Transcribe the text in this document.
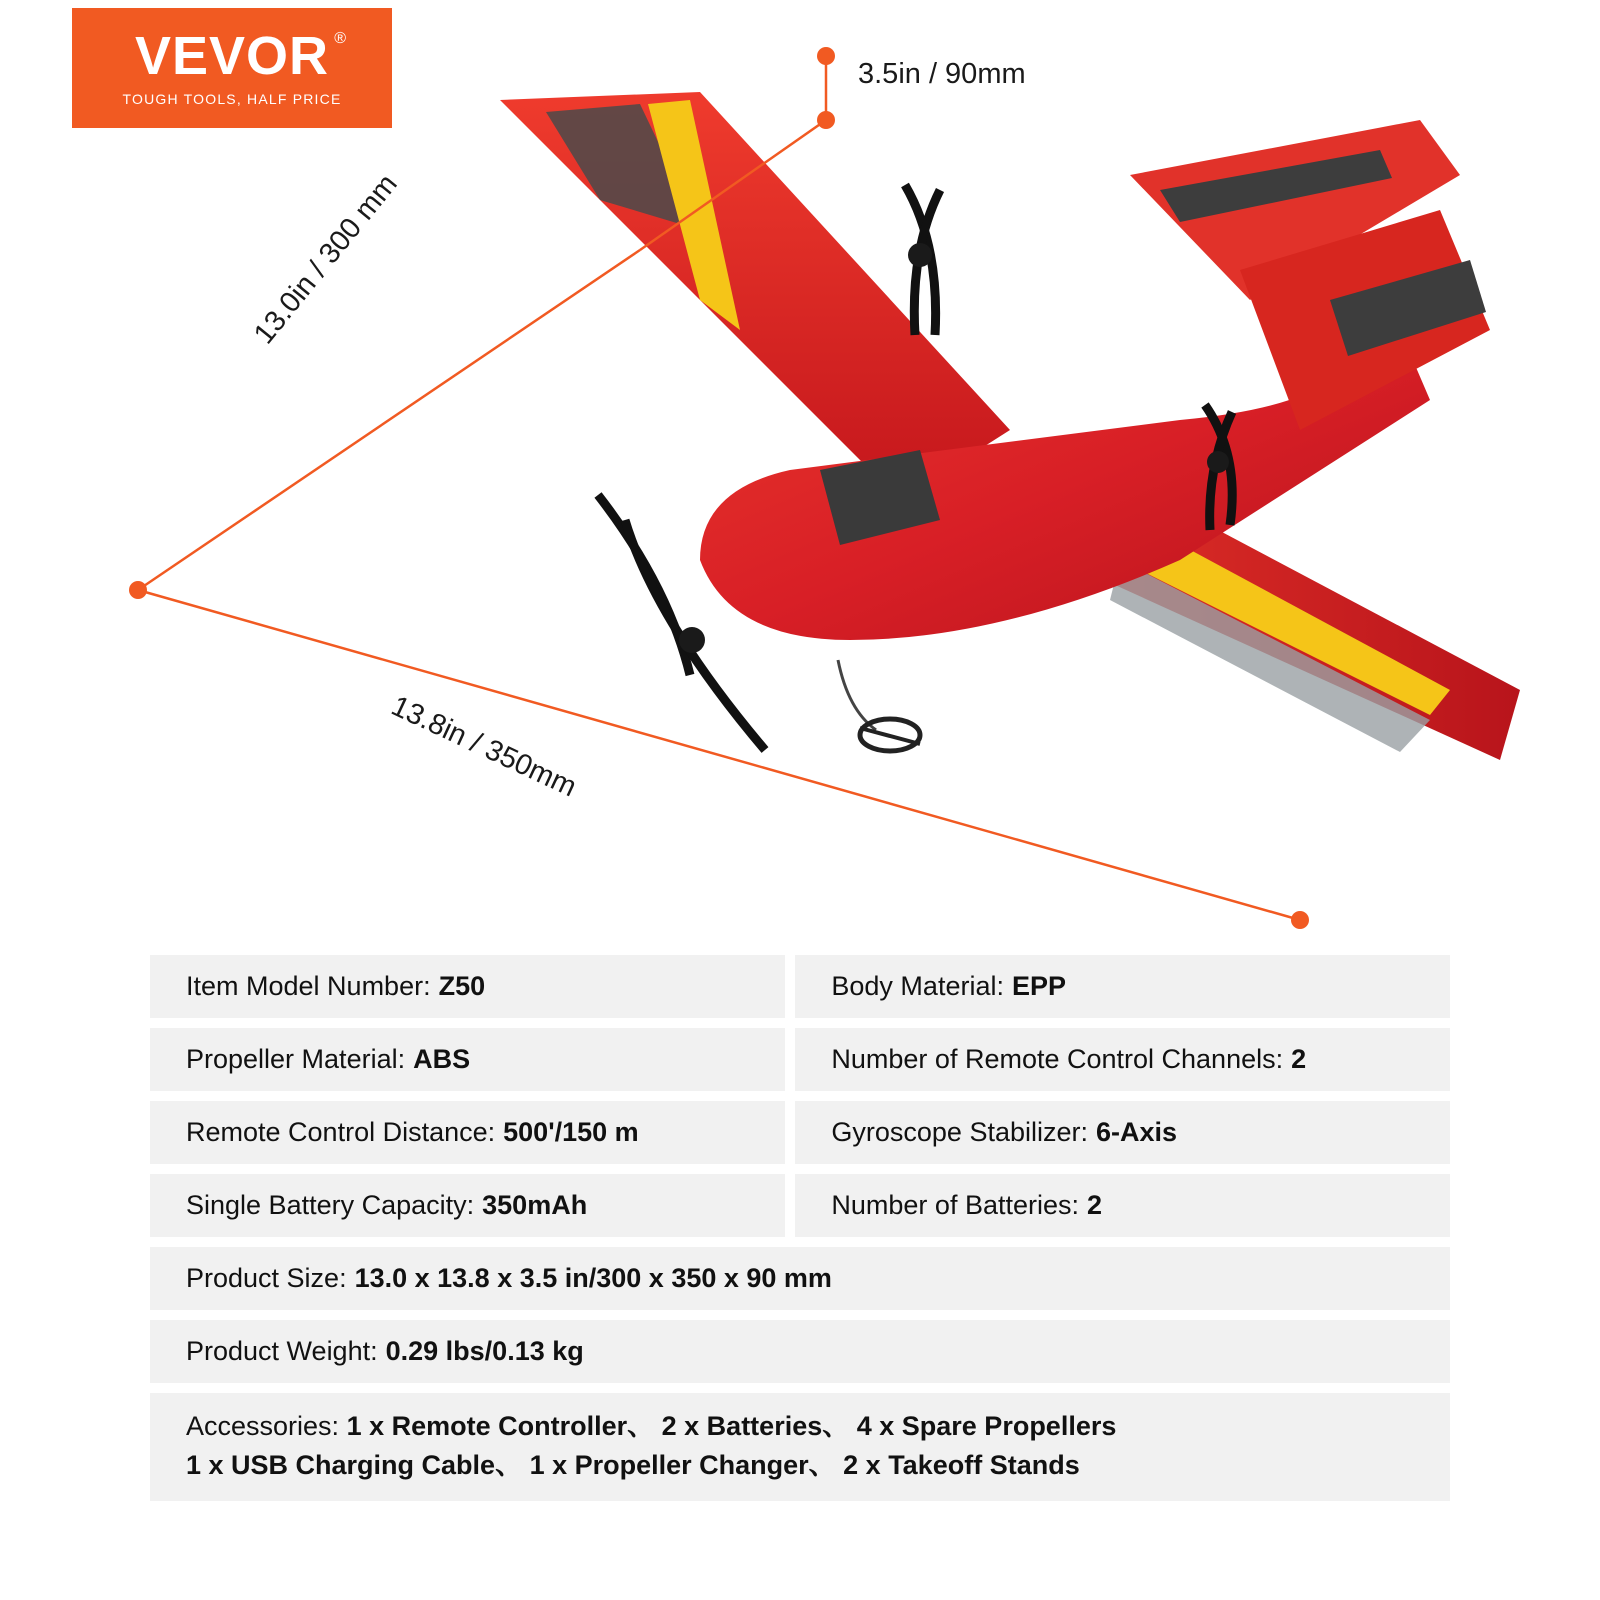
VEVOR ®
TOUGH TOOLS, HALF PRICE
3.5in / 90mm
13.0in / 300 mm
13.8in / 350mm
Item Model Number: Z50	Body Material: EPP
Propeller Material: ABS	Number of Remote Control Channels: 2
Remote Control Distance: 500'/150 m	Gyroscope Stabilizer: 6-Axis
Single Battery Capacity: 350mAh	Number of Batteries: 2
Product Size: 13.0 x 13.8 x 3.5 in/300 x 350 x 90 mm
Product Weight: 0.29 lbs/0.13 kg
Accessories: 1 x Remote Controller、 2 x Batteries、 4 x Spare Propellers
1 x USB Charging Cable、 1 x Propeller Changer、 2 x Takeoff Stands
